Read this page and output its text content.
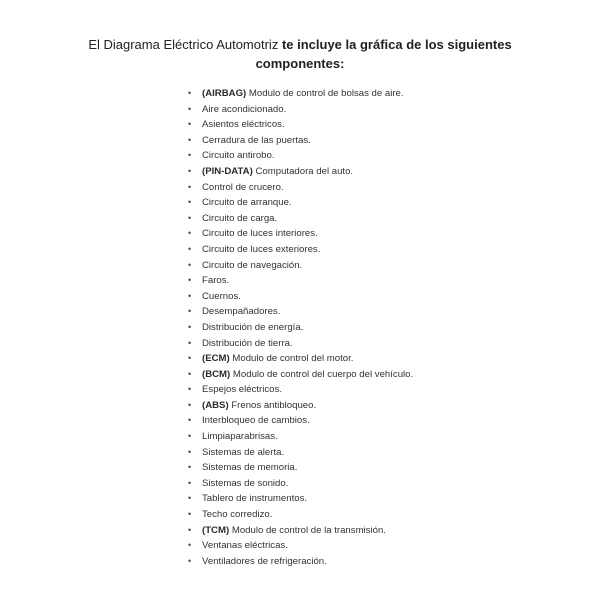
El Diagrama Eléctrico Automotriz te incluye la gráfica de los siguientes
componentes:
• (AIRBAG) Modulo de control de bolsas de aire.
• Aire acondicionado.
• Asientos eléctricos.
• Cerradura de las puertas.
• Circuito antirobo.
• (PIN-DATA) Computadora del auto.
• Control de crucero.
• Circuito de arranque.
• Circuito de carga.
• Circuito de luces interiores.
• Circuito de luces exteriores.
• Circuito de navegación.
• Faros.
• Cuernos.
• Desempañadores.
• Distribución de energía.
• Distribución de tierra.
• (ECM) Modulo de control del motor.
• (BCM) Modulo de control del cuerpo del vehículo.
• Espejos eléctricos.
• (ABS) Frenos antibloqueo.
• Interbloqueo de cambios.
• Limpiaparabrisas.
• Sistemas de alerta.
• Sistemas de memoria.
• Sistemas de sonido.
• Tablero de instrumentos.
• Techo corredizo.
• (TCM) Modulo de control de la transmisión.
• Ventanas eléctricas.
• Ventiladores de refrigeración.
